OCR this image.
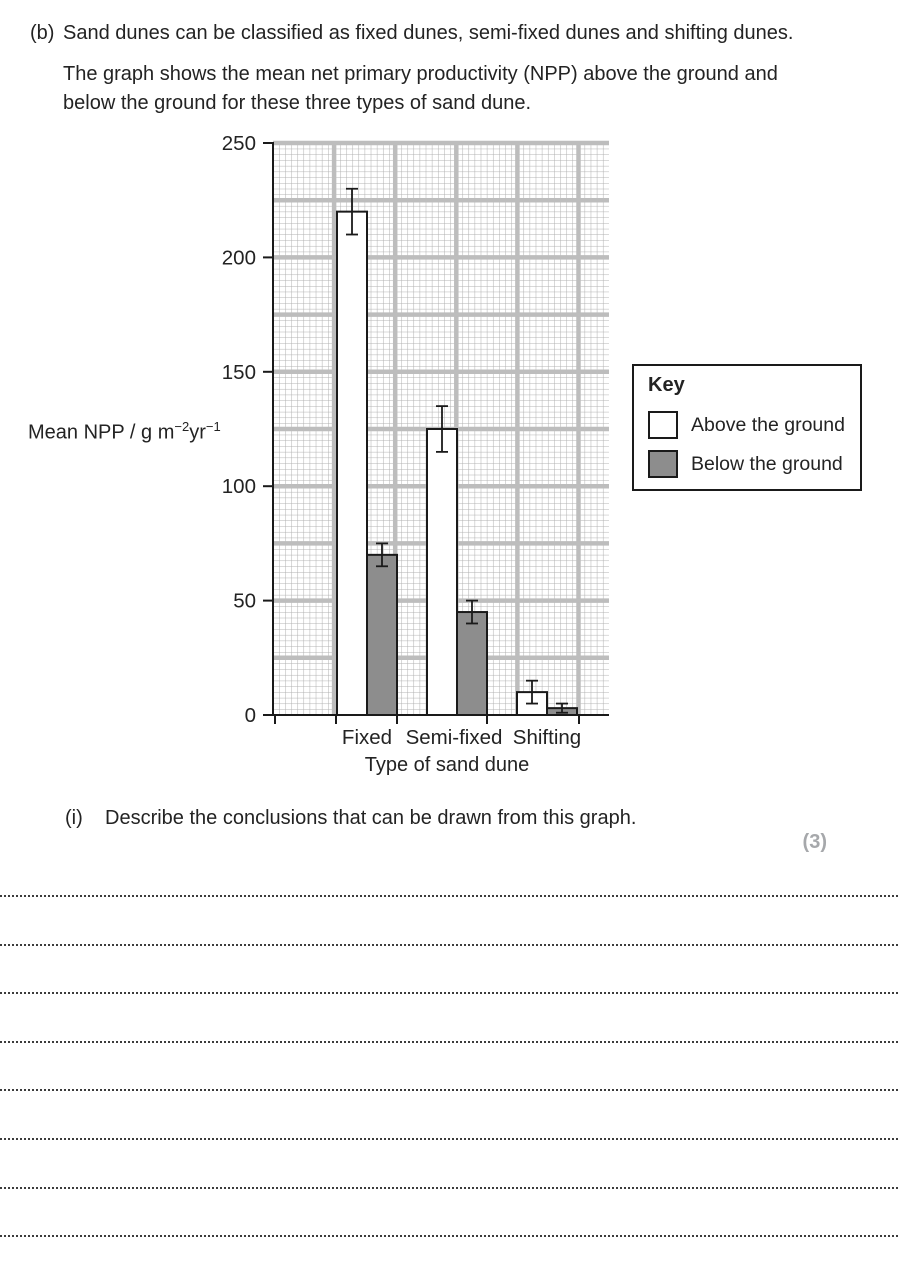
(b) Sand dunes can be classified as fixed dunes, semi-fixed dunes and shifting dunes.
The graph shows the mean net primary productivity (NPP) above the ground and
below the ground for these three types of sand dune.
0
50
100
150
200
250
Fixed Semi-fixed Shifting
Mean NPP / g $m^{-2}yr^{-1}$
Type of sand dune
Key
Above the ground
Below the ground
(i) Describe the conclusions that can be drawn from this graph.
(3)
